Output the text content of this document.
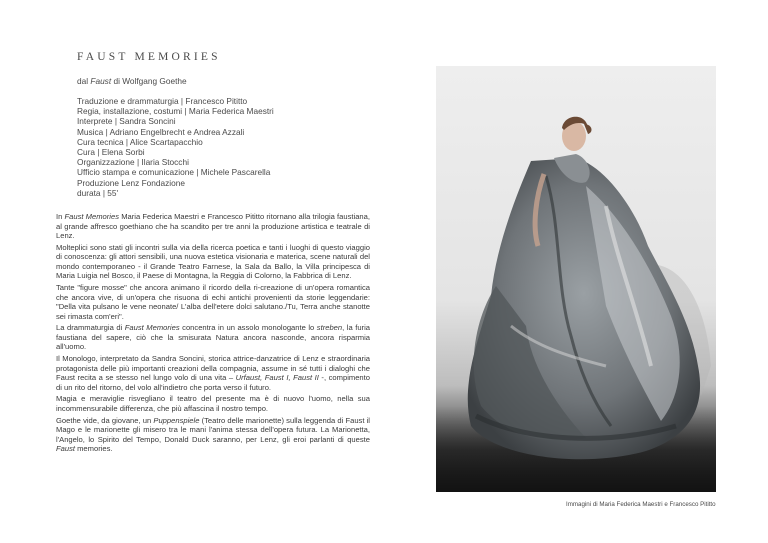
FAUST MEMORIES
dal Faust di Wolfgang Goethe
Traduzione e drammaturgia | Francesco Pititto
Regia, installazione, costumi | Maria Federica Maestri
Interprete | Sandra Soncini
Musica | Adriano Engelbrecht e Andrea Azzali
Cura tecnica | Alice Scartapacchio
Cura | Elena Sorbi
Organizzazione | Ilaria Stocchi
Ufficio stampa e comunicazione | Michele Pascarella
Produzione Lenz Fondazione
durata | 55'

In Faust Memories Maria Federica Maestri e Francesco Pititto ritornano alla trilogia faustiana, al grande affresco goethiano che ha scandito per tre anni la produzione artistica e teatrale di Lenz.

Molteplici sono stati gli incontri sulla via della ricerca poetica e tanti i luoghi di questo viaggio di conoscenza: gli attori sensibili, una nuova estetica visionaria e materica, scene naturali del mondo contemporaneo - il Grande Teatro Farnese, la Sala da Ballo, la Villa principesca di Maria Luigia nel Bosco, il Paese di Montagna, la Reggia di Colorno, la Fabbrica di Lenz.

Tante "figure mosse" che ancora animano il ricordo della ri-creazione di un'opera romantica che ancora vive, di un'opera che risuona di echi antichi provenienti da storie leggendarie: "Della vita pulsano le vene neonate/ L'alba dell'etere dolci salutano./Tu, Terra anche stanotte sei rimasta com'eri".

La drammaturgia di Faust Memories concentra in un assolo monologante lo streben, la furia faustiana del sapere, ciò che la smisurata Natura ancora nasconde, ancora risparmia all'uomo.

Il Monologo, interpretato da Sandra Soncini, storica attrice-danzatrice di Lenz e straordinaria protagonista delle più importanti creazioni della compagnia, assume in sé tutti i dialoghi che Faust recita a se stesso nel lungo volo di una vita – Urfaust, Faust I, Faust II -, compimento di un rito del ritorno, del volo all'indietro che porta verso il futuro.

Magia e meraviglie risvegliano il teatro del presente ma è di nuovo l'uomo, nella sua incommensurabile differenza, che più affascina il nostro tempo.

Goethe vide, da giovane, un Puppenspiele (Teatro delle marionette) sulla leggenda di Faust il Mago e le marionette gli misero tra le mani l'anima stessa dell'opera futura. La Marionetta, l'Angelo, lo Spirito del Tempo, Donald Duck saranno, per Lenz, gli eroi parlanti di queste Faust memories.

Immagini di Maria Federica Maestri e Francesco Pititto
